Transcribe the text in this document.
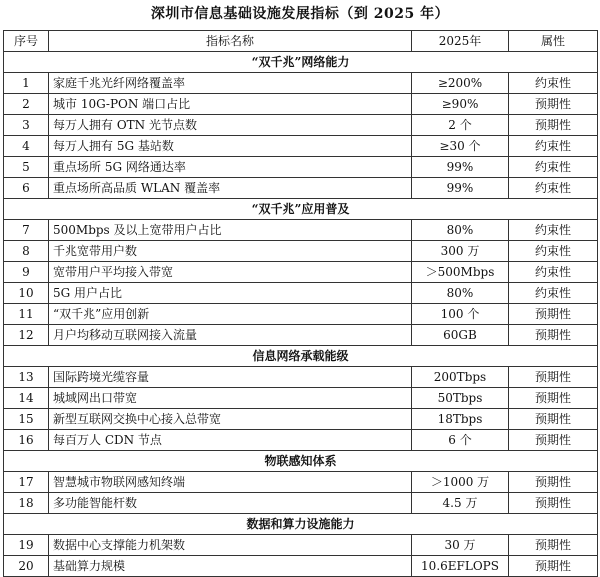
深圳市信息基础设施发展指标（到 2025 年）
序号	指标名称	2025年	属性
“双千兆”网络能力			
1	家庭千兆光纤网络覆盖率	≥200%	约束性
2	城市 10G-PON 端口占比	≥90%	预期性
3	每万人拥有 OTN 光节点数	2 个	预期性
4	每万人拥有 5G 基站数	≥30 个	约束性
5	重点场所 5G 网络通达率	99%	约束性
6	重点场所高品质 WLAN 覆盖率	99%	约束性
“双千兆”应用普及			
7	500Mbps 及以上宽带用户占比	80%	约束性
8	千兆宽带用户数	300 万	约束性
9	宽带用户平均接入带宽	＞500Mbps	约束性
10	5G 用户占比	80%	约束性
11	“双千兆”应用创新	100 个	预期性
12	月户均移动互联网接入流量	60GB	预期性
信息网络承载能级			
13	国际跨境光缆容量	200Tbps	预期性
14	城域网出口带宽	50Tbps	预期性
15	新型互联网交换中心接入总带宽	18Tbps	预期性
16	每百万人 CDN 节点	6 个	预期性
物联感知体系			
17	智慧城市物联网感知终端	＞1000 万	预期性
18	多功能智能杆数	4.5 万	预期性
数据和算力设施能力			
19	数据中心支撑能力机架数	30 万	预期性
20	基础算力规模	10.6EFLOPS	预期性
